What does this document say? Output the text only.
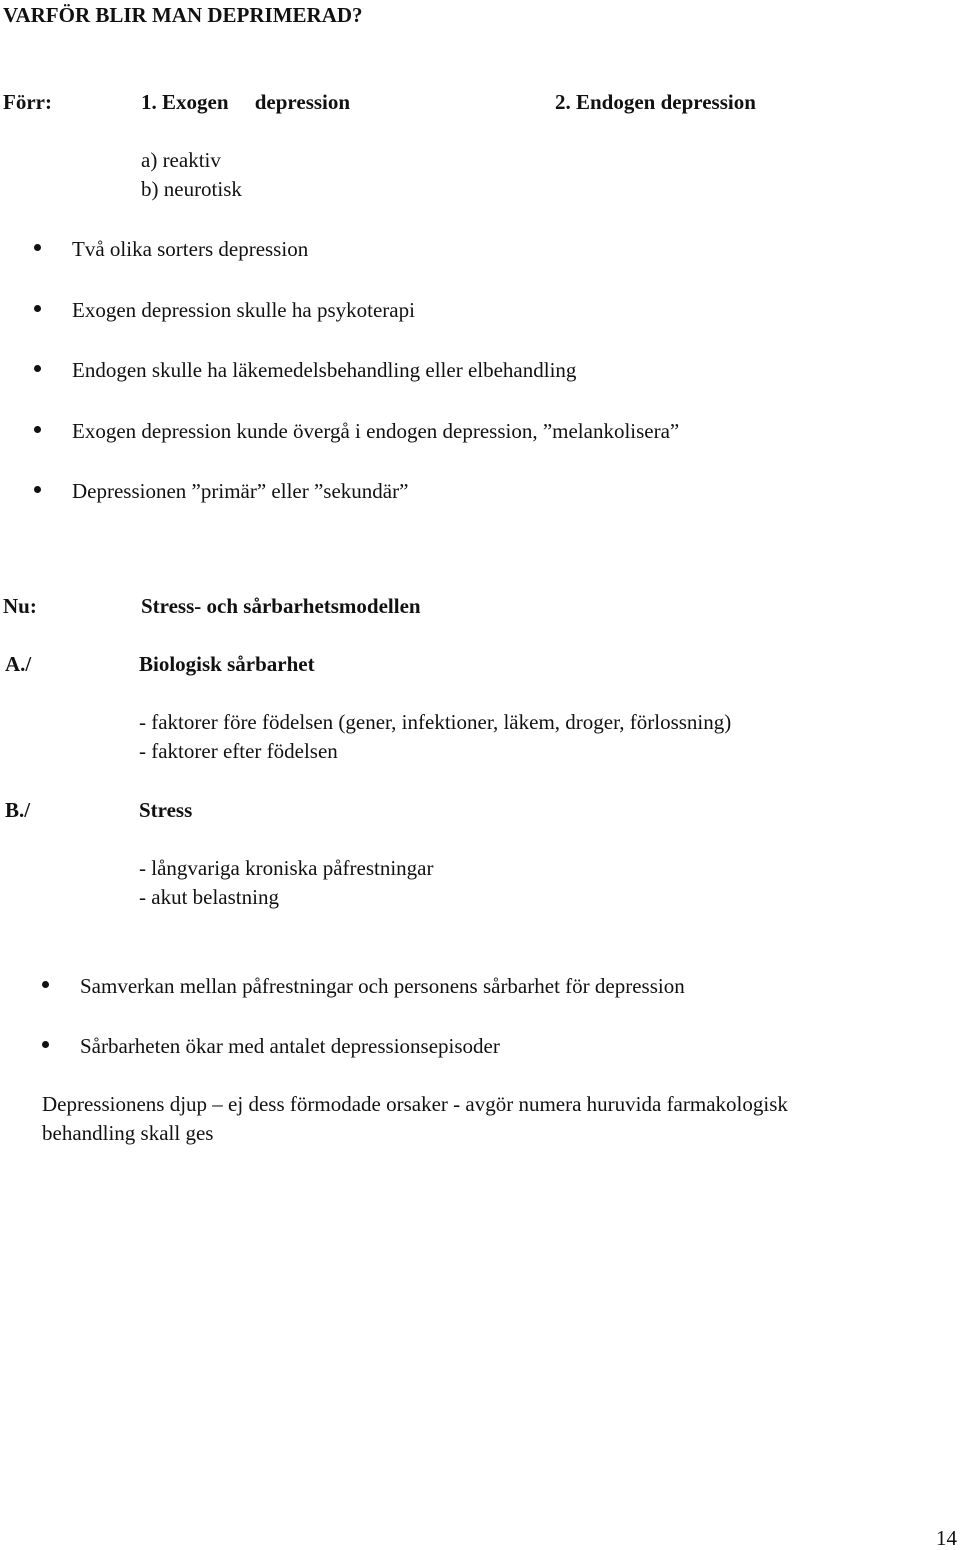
VARFÖR BLIR MAN DEPRIMERAD?
Förr:	1. Exogen     depression	2. Endogen depression
a) reaktiv
b) neurotisk
Två olika sorters depression
Exogen depression skulle ha psykoterapi
Endogen skulle ha läkemedelsbehandling eller elbehandling
Exogen depression kunde övergå i endogen depression, ”melankolisera”
Depressionen ”primär” eller ”sekundär”
Nu:	Stress- och sårbarhetsmodellen
A./	Biologisk sårbarhet
- faktorer före födelsen (gener, infektioner, läkem, droger, förlossning)
- faktorer efter födelsen
B./	Stress
- långvariga kroniska påfrestningar
- akut belastning
Samverkan mellan påfrestningar och personens sårbarhet för depression
Sårbarheten ökar med antalet depressionsepisoder
Depressionens djup – ej dess förmodade orsaker - avgör numera huruvida farmakologisk
behandling skall ges
14
